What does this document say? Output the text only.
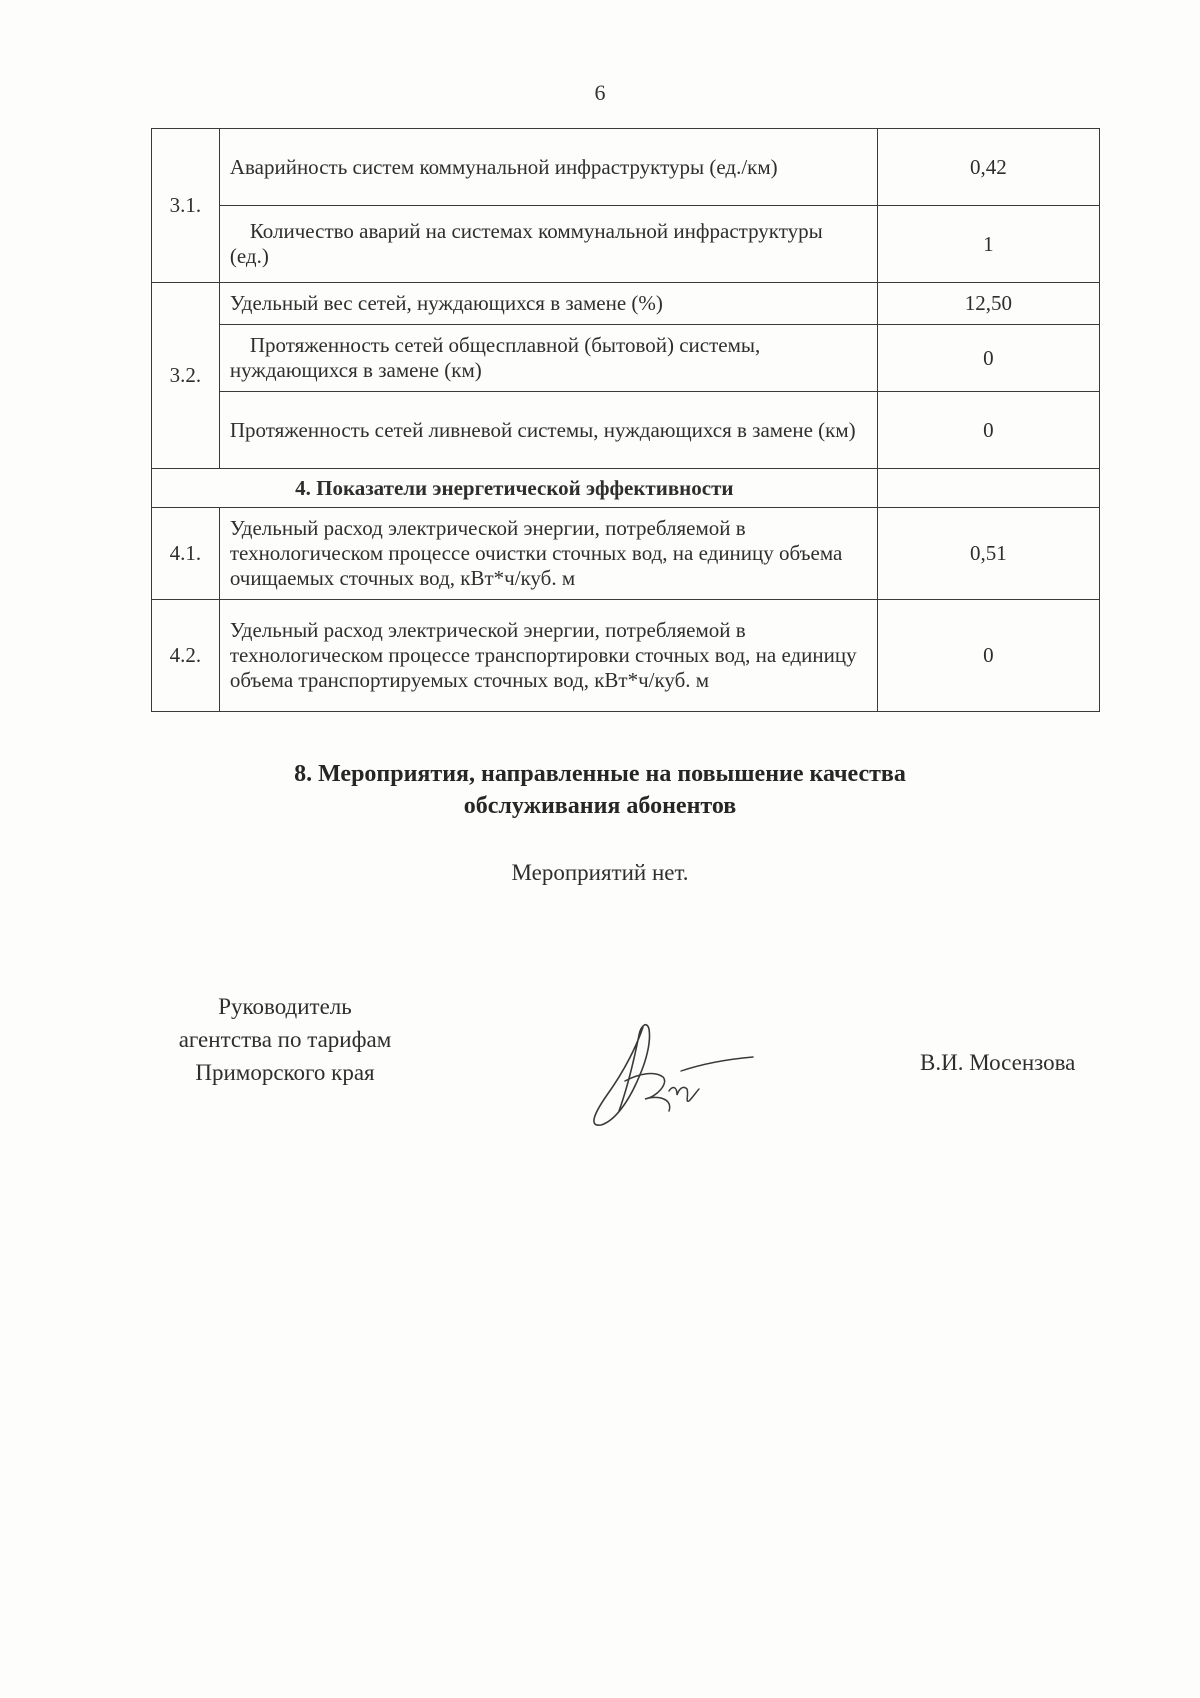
6
3.1.	Аварийность систем коммунальной инфраструктуры (ед./км)	0,42
	Количество аварий на системах коммунальной инфраструктуры (ед.)	1
3.2.	Удельный вес сетей, нуждающихся в замене (%)	12,50
	Протяженность сетей общесплавной (бытовой) системы, нуждающихся в замене (км)	0
	Протяженность сетей ливневой системы, нуждающихся в замене (км)	0
4. Показатели энергетической эффективности		
4.1.	Удельный расход электрической энергии, потребляемой в технологическом процессе очистки сточных вод, на единицу объема очищаемых сточных вод, кВт*ч/куб. м	0,51
4.2.	Удельный расход электрической энергии, потребляемой в технологическом процессе транспортировки сточных вод, на единицу объема транспортируемых сточных вод, кВт*ч/куб. м	0
8. Мероприятия, направленные на повышение качества
обслуживания абонентов
Мероприятий нет.
Руководитель
агентства по тарифам
Приморского края	В.И. Мосензова
